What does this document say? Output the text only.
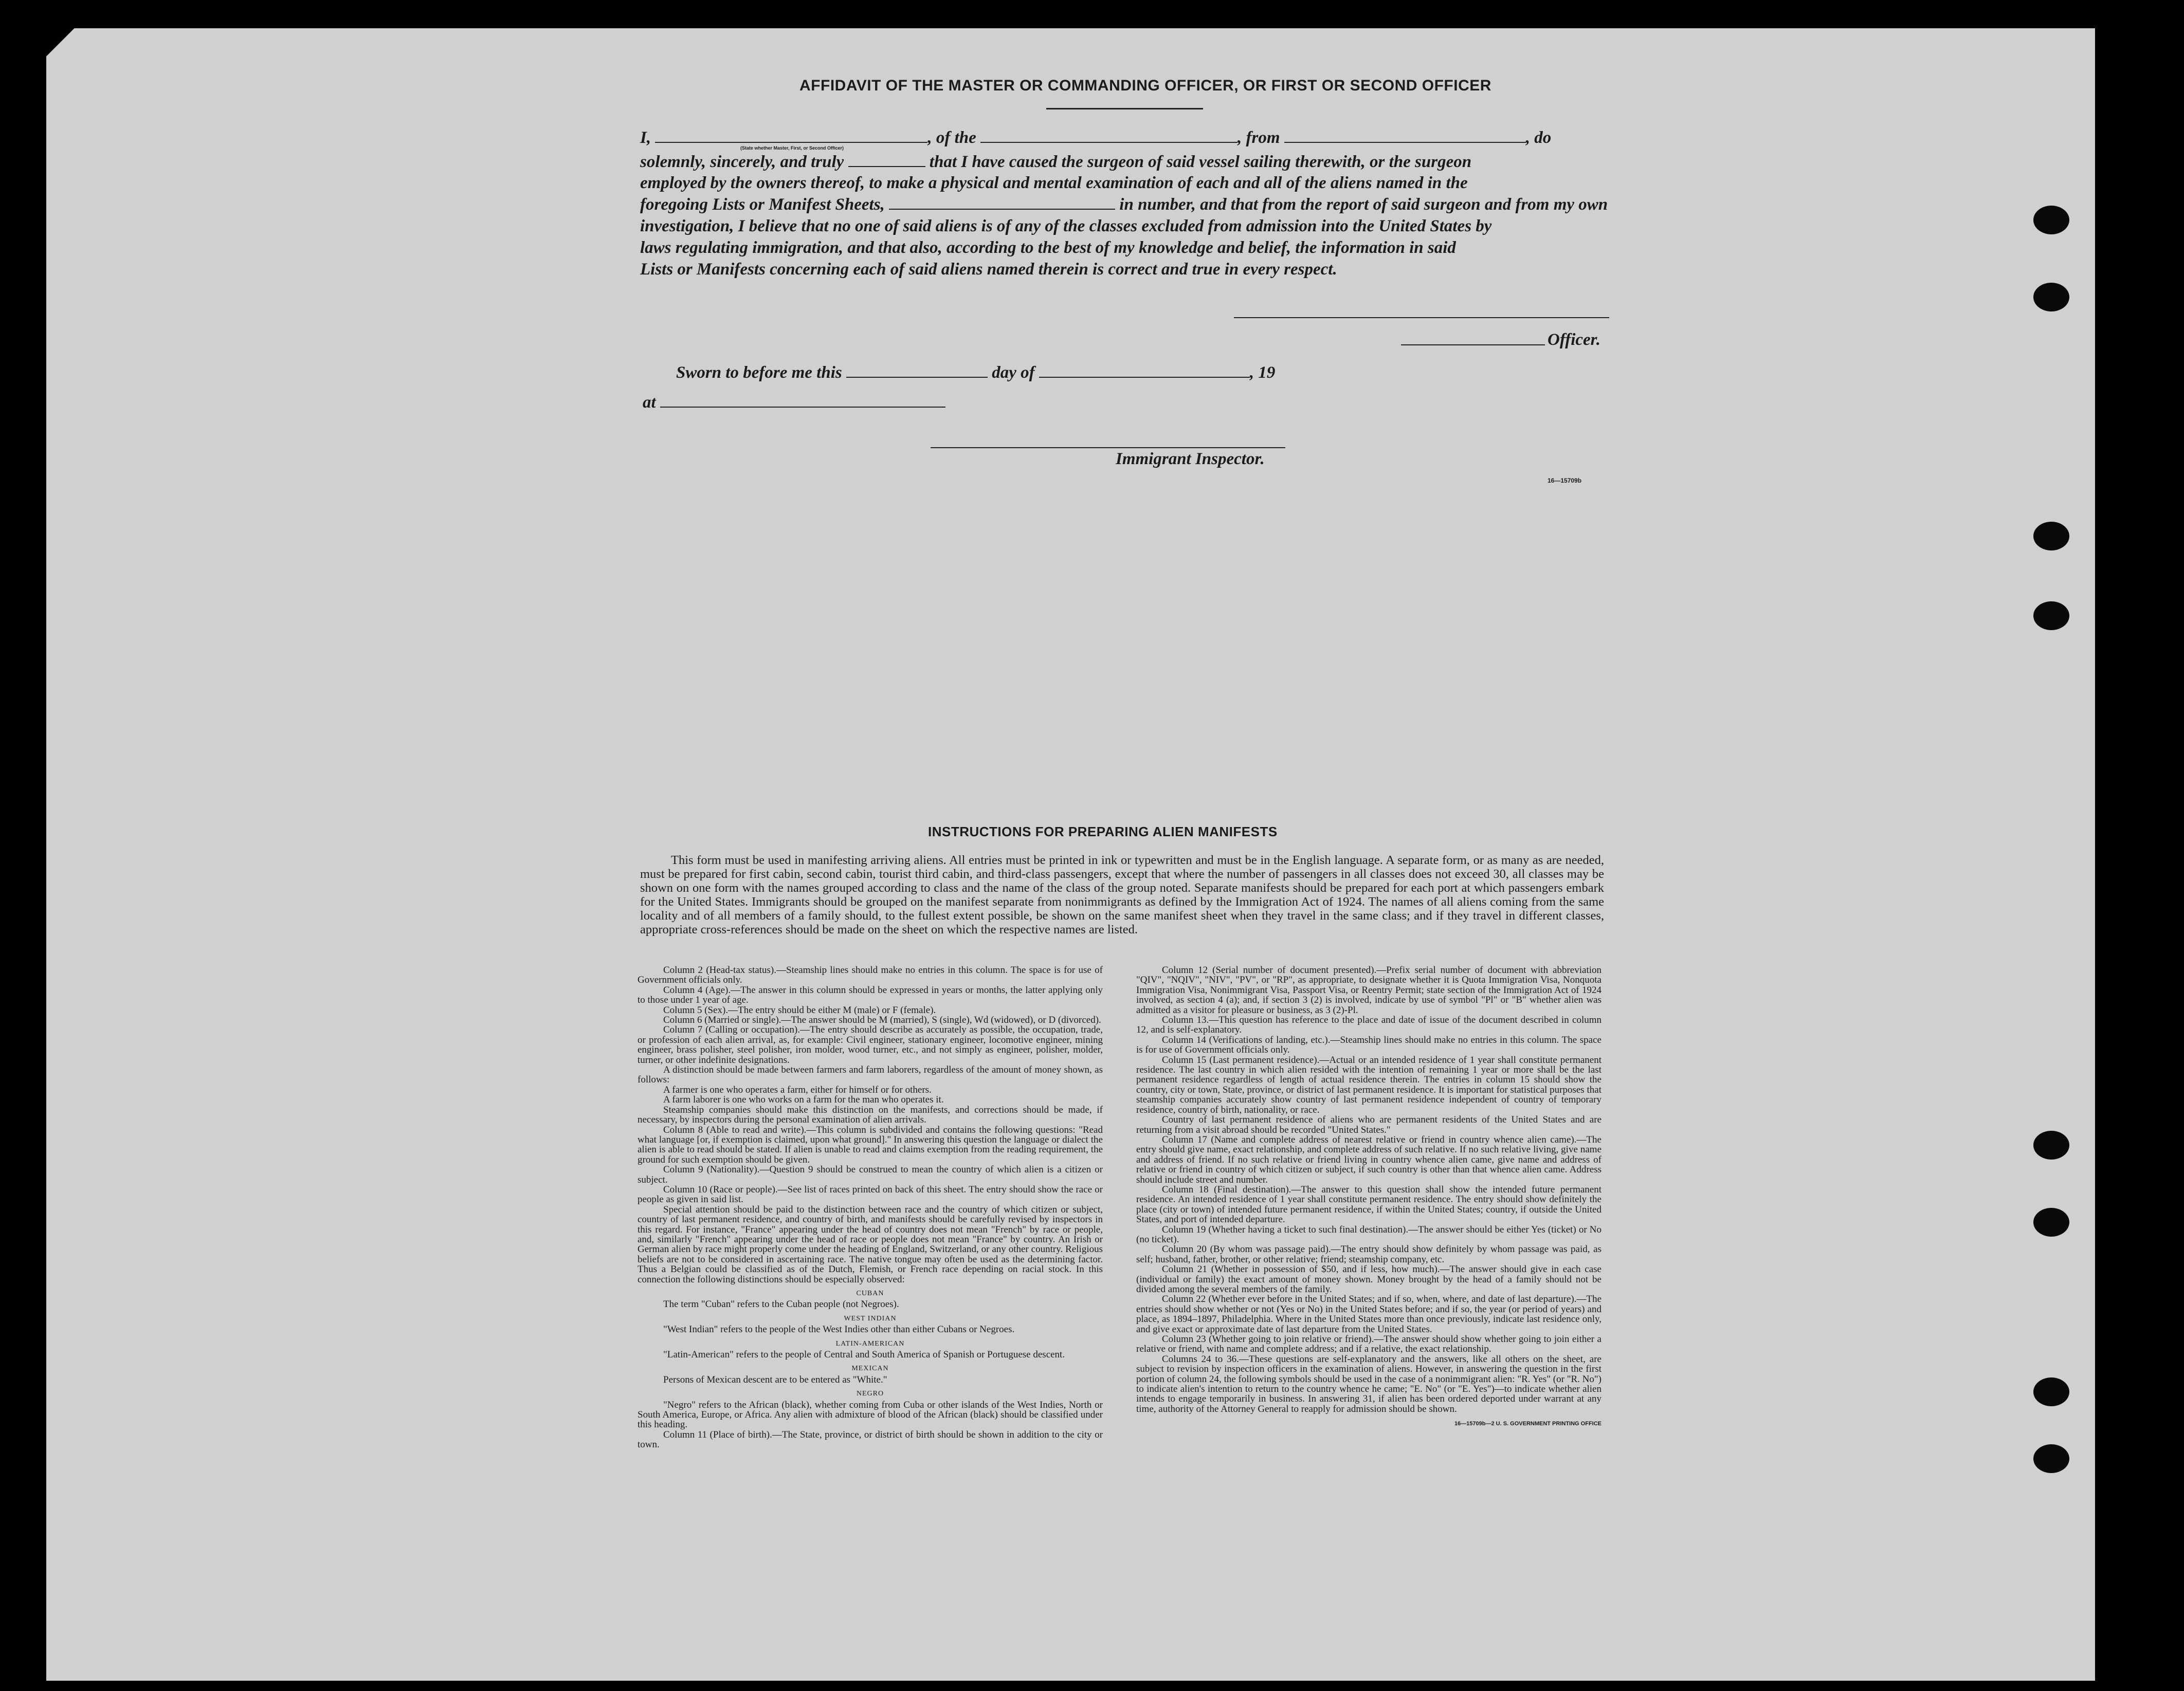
AFFIDAVIT OF THE MASTER OR COMMANDING OFFICER, OR FIRST OR SECOND OFFICER
I,	, of the	, from	, do
(State whether Master, First, or Second Officer)
solemnly, sincerely, and truly	that I have caused the surgeon of said vessel sailing therewith, or the surgeon
employed by the owners thereof, to make a physical and mental examination of each and all of the aliens named in the
foregoing Lists or Manifest Sheets,	in number, and that from the report of said surgeon and from my own
investigation, I believe that no one of said aliens is of any of the classes excluded from admission into the United States by
laws regulating immigration, and that also, according to the best of my knowledge and belief, the information in said
Lists or Manifests concerning each of said aliens named therein is correct and true in every respect.
Officer.
Sworn to before me this	day of	, 19
at
Immigrant Inspector.
16—15709b
INSTRUCTIONS FOR PREPARING ALIEN MANIFESTS
This form must be used in manifesting arriving aliens. All entries must be printed in ink or typewritten and must be in the English language. A separate form, or as many as are needed, must be prepared for first cabin, second cabin, tourist third cabin, and third-class passengers, except that where the number of passengers in all classes does not exceed 30, all classes may be shown on one form with the names grouped according to class and the name of the class of the group noted. Separate manifests should be prepared for each port at which passengers embark for the United States. Immigrants should be grouped on the manifest separate from nonimmigrants as defined by the Immigration Act of 1924. The names of all aliens coming from the same locality and of all members of a family should, to the fullest extent possible, be shown on the same manifest sheet when they travel in the same class; and if they travel in different classes, appropriate cross-references should be made on the sheet on which the respective names are listed.

Column 2 (Head-tax status).—Steamship lines should make no entries in this column. The space is for use of Government officials only.

Column 4 (Age).—The answer in this column should be expressed in years or months, the latter applying only to those under 1 year of age.

Column 5 (Sex).—The entry should be either M (male) or F (female).

Column 6 (Married or single).—The answer should be M (married), S (single), Wd (widowed), or D (divorced).

Column 7 (Calling or occupation).—The entry should describe as accurately as possible, the occupation, trade, or profession of each alien arrival, as, for example: Civil engineer, stationary engineer, locomotive engineer, mining engineer, brass polisher, steel polisher, iron molder, wood turner, etc., and not simply as engineer, polisher, molder, turner, or other indefinite designations.

A distinction should be made between farmers and farm laborers, regardless of the amount of money shown, as follows:

A farmer is one who operates a farm, either for himself or for others.

A farm laborer is one who works on a farm for the man who operates it.

Steamship companies should make this distinction on the manifests, and corrections should be made, if necessary, by inspectors during the personal examination of alien arrivals.

Column 8 (Able to read and write).—This column is subdivided and contains the following questions: "Read what language [or, if exemption is claimed, upon what ground]." In answering this question the language or dialect the alien is able to read should be stated. If alien is unable to read and claims exemption from the reading requirement, the ground for such exemption should be given.

Column 9 (Nationality).—Question 9 should be construed to mean the country of which alien is a citizen or subject.

Column 10 (Race or people).—See list of races printed on back of this sheet. The entry should show the race or people as given in said list.

Special attention should be paid to the distinction between race and the country of which citizen or subject, country of last permanent residence, and country of birth, and manifests should be carefully revised by inspectors in this regard. For instance, "France" appearing under the head of country does not mean "French" by race or people, and, similarly "French" appearing under the head of race or people does not mean "France" by country. An Irish or German alien by race might properly come under the heading of England, Switzerland, or any other country. Religious beliefs are not to be considered in ascertaining race. The native tongue may often be used as the determining factor. Thus a Belgian could be classified as of the Dutch, Flemish, or French race depending on racial stock. In this connection the following distinctions should be especially observed:

CUBAN

The term "Cuban" refers to the Cuban people (not Negroes).

WEST INDIAN

"West Indian" refers to the people of the West Indies other than either Cubans or Negroes.

LATIN-AMERICAN

"Latin-American" refers to the people of Central and South America of Spanish or Portuguese descent.

MEXICAN

Persons of Mexican descent are to be entered as "White."

NEGRO

"Negro" refers to the African (black), whether coming from Cuba or other islands of the West Indies, North or South America, Europe, or Africa. Any alien with admixture of blood of the African (black) should be classified under this heading.

Column 11 (Place of birth).—The State, province, or district of birth should be shown in addition to the city or town.

Column 12 (Serial number of document presented).—Prefix serial number of document with abbreviation "QIV", "NQIV", "NIV", "PV", or "RP", as appropriate, to designate whether it is Quota Immigration Visa, Nonquota Immigration Visa, Nonimmigrant Visa, Passport Visa, or Reentry Permit; state section of the Immigration Act of 1924 involved, as section 4 (a); and, if section 3 (2) is involved, indicate by use of symbol "Pl" or "B" whether alien was admitted as a visitor for pleasure or business, as 3 (2)-Pl.

Column 13.—This question has reference to the place and date of issue of the document described in column 12, and is self-explanatory.

Column 14 (Verifications of landing, etc.).—Steamship lines should make no entries in this column. The space is for use of Government officials only.

Column 15 (Last permanent residence).—Actual or an intended residence of 1 year shall constitute permanent residence. The last country in which alien resided with the intention of remaining 1 year or more shall be the last permanent residence regardless of length of actual residence therein. The entries in column 15 should show the country, city or town, State, province, or district of last permanent residence. It is important for statistical purposes that steamship companies accurately show country of last permanent residence independent of country of temporary residence, country of birth, nationality, or race.

Country of last permanent residence of aliens who are permanent residents of the United States and are returning from a visit abroad should be recorded "United States."

Column 17 (Name and complete address of nearest relative or friend in country whence alien came).—The entry should give name, exact relationship, and complete address of such relative. If no such relative living, give name and address of friend. If no such relative or friend living in country whence alien came, give name and address of relative or friend in country of which citizen or subject, if such country is other than that whence alien came. Address should include street and number.

Column 18 (Final destination).—The answer to this question shall show the intended future permanent residence. An intended residence of 1 year shall constitute permanent residence. The entry should show definitely the place (city or town) of intended future permanent residence, if within the United States; country, if outside the United States, and port of intended departure.

Column 19 (Whether having a ticket to such final destination).—The answer should be either Yes (ticket) or No (no ticket).

Column 20 (By whom was passage paid).—The entry should show definitely by whom passage was paid, as self; husband, father, brother, or other relative; friend; steamship company, etc.

Column 21 (Whether in possession of $50, and if less, how much).—The answer should give in each case (individual or family) the exact amount of money shown. Money brought by the head of a family should not be divided among the several members of the family.

Column 22 (Whether ever before in the United States; and if so, when, where, and date of last departure).—The entries should show whether or not (Yes or No) in the United States before; and if so, the year (or period of years) and place, as 1894–1897, Philadelphia. Where in the United States more than once previously, indicate last residence only, and give exact or approximate date of last departure from the United States.

Column 23 (Whether going to join relative or friend).—The answer should show whether going to join either a relative or friend, with name and complete address; and if a relative, the exact relationship.

Columns 24 to 36.—These questions are self-explanatory and the answers, like all others on the sheet, are subject to revision by inspection officers in the examination of aliens. However, in answering the question in the first portion of column 24, the following symbols should be used in the case of a nonimmigrant alien: "R. Yes" (or "R. No") to indicate alien's intention to return to the country whence he came; "E. No" (or "E. Yes")—to indicate whether alien intends to engage temporarily in business. In answering 31, if alien has been ordered deported under warrant at any time, authority of the Attorney General to reapply for admission should be shown.

16—15709b—2 U. S. GOVERNMENT PRINTING OFFICE
